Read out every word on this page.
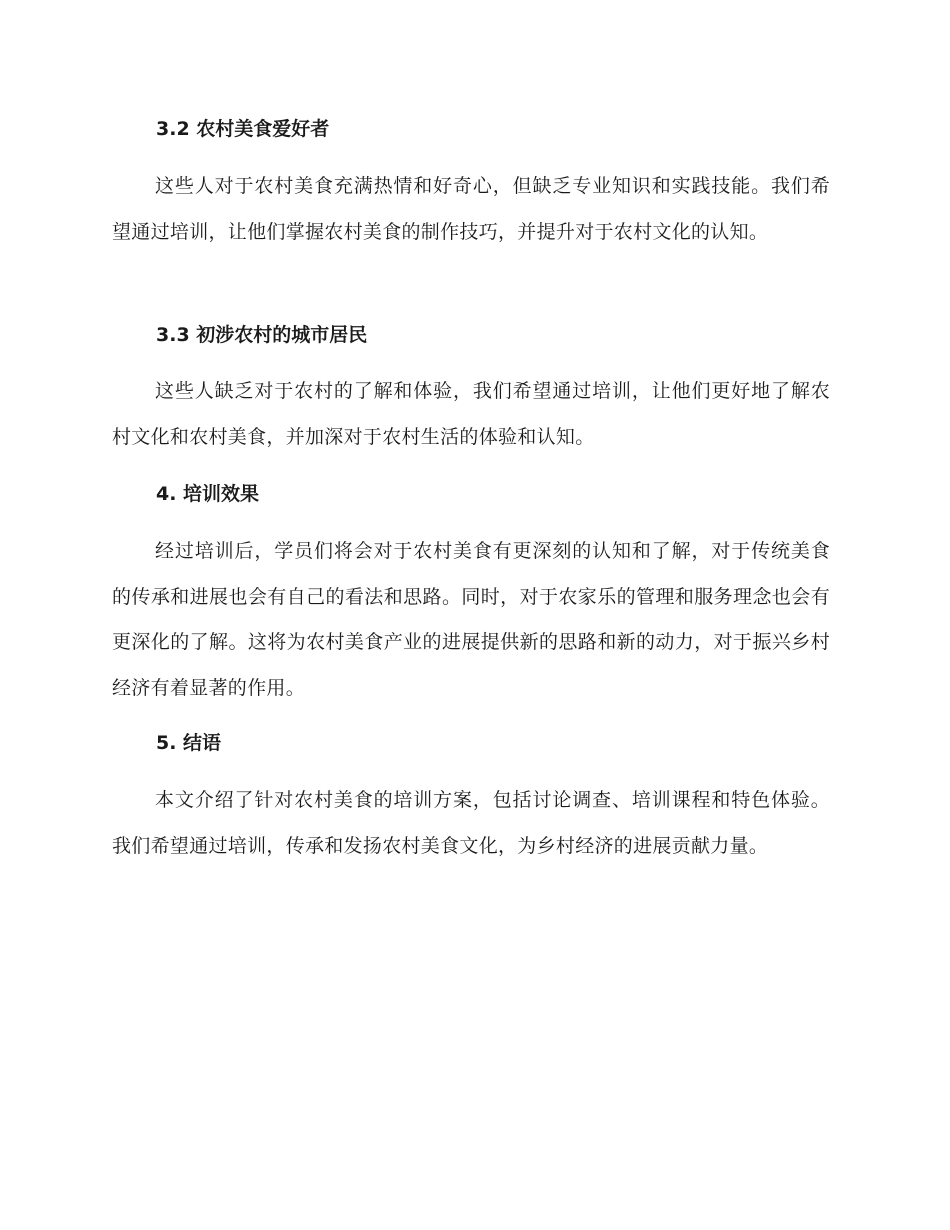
3.2 农村美食爱好者
这些人对于农村美食充满热情和好奇心，但缺乏专业知识和实践技能。我们希望通过培训，让他们掌握农村美食的制作技巧，并提升对于农村文化的认知。
3.3 初涉农村的城市居民
这些人缺乏对于农村的了解和体验，我们希望通过培训，让他们更好地了解农村文化和农村美食，并加深对于农村生活的体验和认知。
4. 培训效果
经过培训后，学员们将会对于农村美食有更深刻的认知和了解，对于传统美食的传承和进展也会有自己的看法和思路。同时，对于农家乐的管理和服务理念也会有更深化的了解。这将为农村美食产业的进展提供新的思路和新的动力，对于振兴乡村经济有着显著的作用。
5. 结语
本文介绍了针对农村美食的培训方案，包括讨论调查、培训课程和特色体验。我们希望通过培训，传承和发扬农村美食文化，为乡村经济的进展贡献力量。
